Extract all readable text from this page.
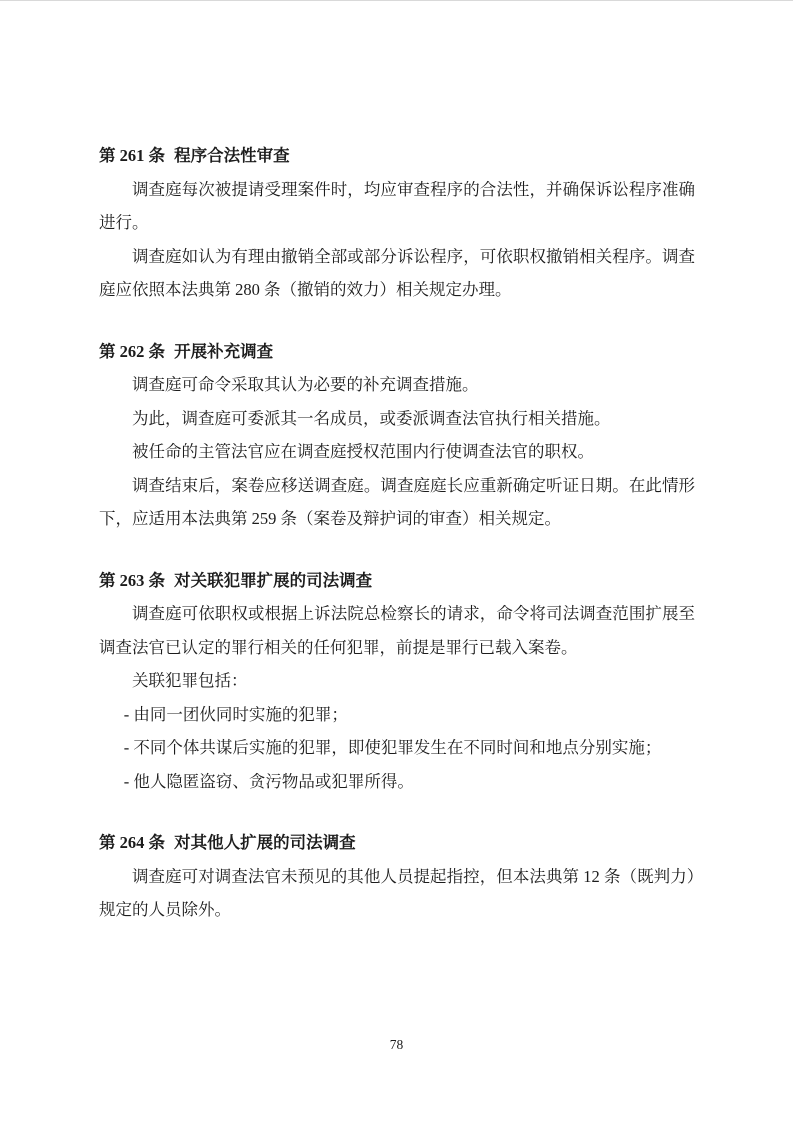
第 261 条 程序合法性审查

调查庭每次被提请受理案件时，均应审查程序的合法性，并确保诉讼程序准确进行。

调查庭如认为有理由撤销全部或部分诉讼程序，可依职权撤销相关程序。调查庭应依照本法典第 280 条（撤销的效力）相关规定办理。

第 262 条 开展补充调查

调查庭可命令采取其认为必要的补充调查措施。

为此，调查庭可委派其一名成员，或委派调查法官执行相关措施。

被任命的主管法官应在调查庭授权范围内行使调查法官的职权。

调查结束后，案卷应移送调查庭。调查庭庭长应重新确定听证日期。在此情形下，应适用本法典第 259 条（案卷及辩护词的审查）相关规定。

第 263 条 对关联犯罪扩展的司法调查

调查庭可依职权或根据上诉法院总检察长的请求，命令将司法调查范围扩展至调查法官已认定的罪行相关的任何犯罪，前提是罪行已载入案卷。

关联犯罪包括：

- 由同一团伙同时实施的犯罪；

- 不同个体共谋后实施的犯罪，即使犯罪发生在不同时间和地点分别实施；

- 他人隐匿盗窃、贪污物品或犯罪所得。

第 264 条 对其他人扩展的司法调查

调查庭可对调查法官未预见的其他人员提起指控，但本法典第 12 条（既判力）规定的人员除外。

78
